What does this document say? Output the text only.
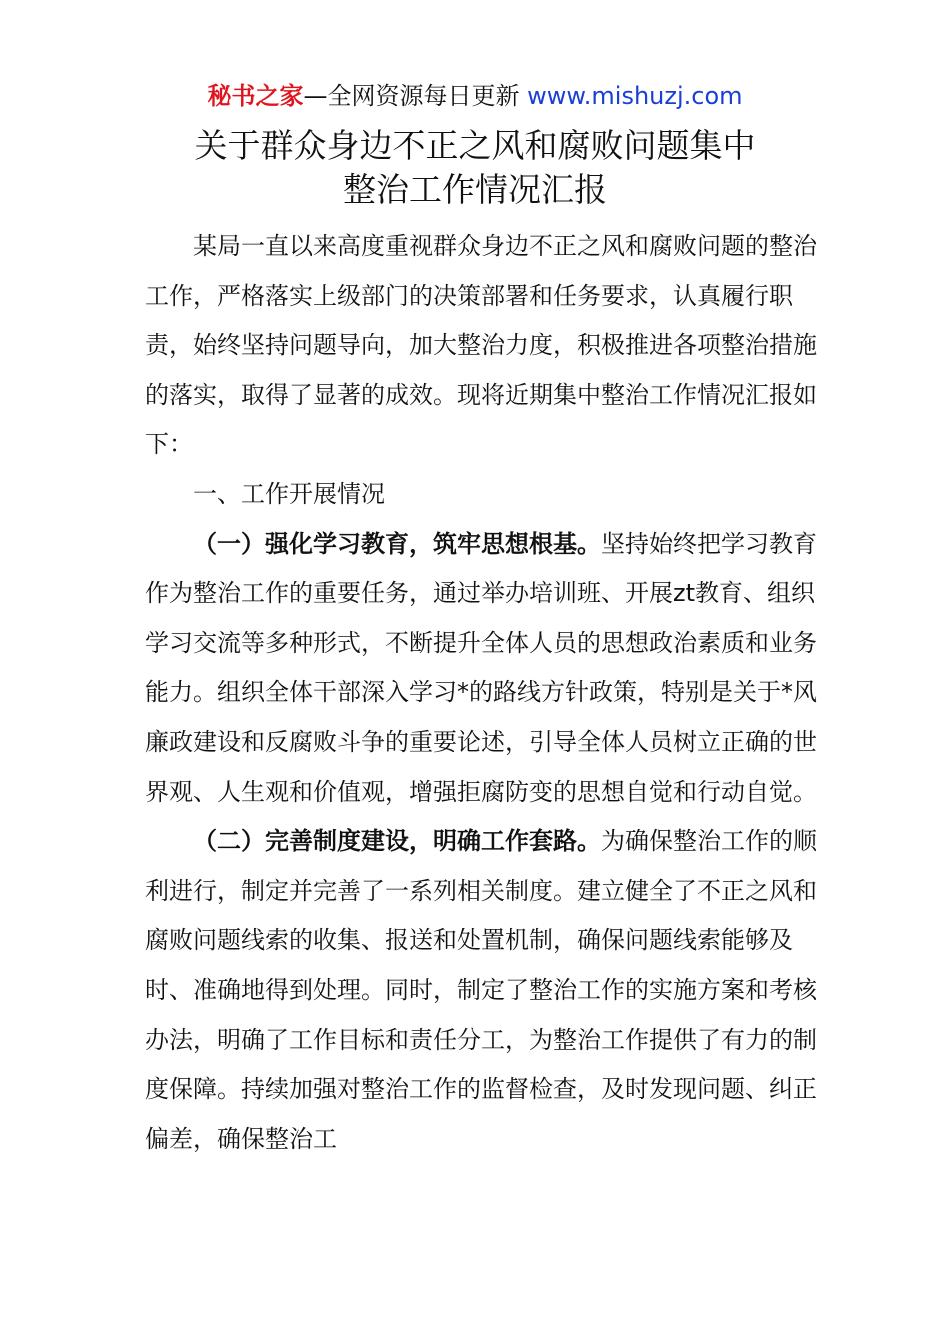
秘书之家—全网资源每日更新 www.mishuzj.com
关于群众身边不正之风和腐败问题集中
整治工作情况汇报

某局一直以来高度重视群众身边不正之风和腐败问题的整治工作，严格落实上级部门的决策部署和任务要求，认真履行职责，始终坚持问题导向，加大整治力度，积极推进各项整治措施的落实，取得了显著的成效。现将近期集中整治工作情况汇报如下：

一、工作开展情况

（一）强化学习教育，筑牢思想根基。坚持始终把学习教育作为整治工作的重要任务，通过举办培训班、开展zt教育、组织学习交流等多种形式，不断提升全体人员的思想政治素质和业务能力。组织全体干部深入学习*的路线方针政策，特别是关于*风廉政建设和反腐败斗争的重要论述，引导全体人员树立正确的世界观、人生观和价值观，增强拒腐防变的思想自觉和行动自觉。

（二）完善制度建设，明确工作套路。为确保整治工作的顺利进行，制定并完善了一系列相关制度。建立健全了不正之风和腐败问题线索的收集、报送和处置机制，确保问题线索能够及时、准确地得到处理。同时，制定了整治工作的实施方案和考核办法，明确了工作目标和责任分工，为整治工作提供了有力的制度保障。持续加强对整治工作的监督检查，及时发现问题、纠正偏差，确保整治工
